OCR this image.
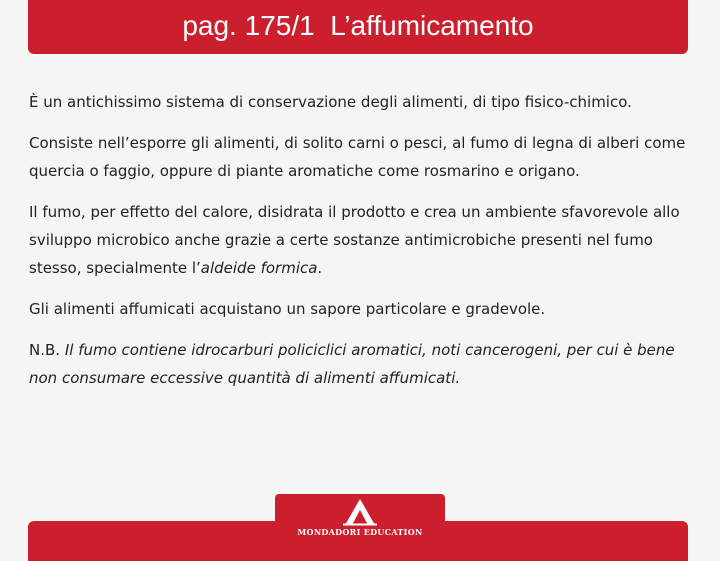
pag. 175/1  L’affumicamento

È un antichissimo sistema di conservazione degli alimenti, di tipo fisico-chimico.

Consiste nell’esporre gli alimenti, di solito carni o pesci, al fumo di legna di alberi come quercia o faggio, oppure di piante aromatiche come rosmarino e origano.

Il fumo, per effetto del calore, disidrata il prodotto e crea un ambiente sfavorevole allo sviluppo microbico anche grazie a certe sostanze antimicrobiche presenti nel fumo stesso, specialmente l’aldeide formica.

Gli alimenti affumicati acquistano un sapore particolare e gradevole.

N.B. Il fumo contiene idrocarburi policiclici aromatici, noti cancerogeni, per cui è bene non consumare eccessive quantità di alimenti affumicati.

MONDADORI EDUCATION
